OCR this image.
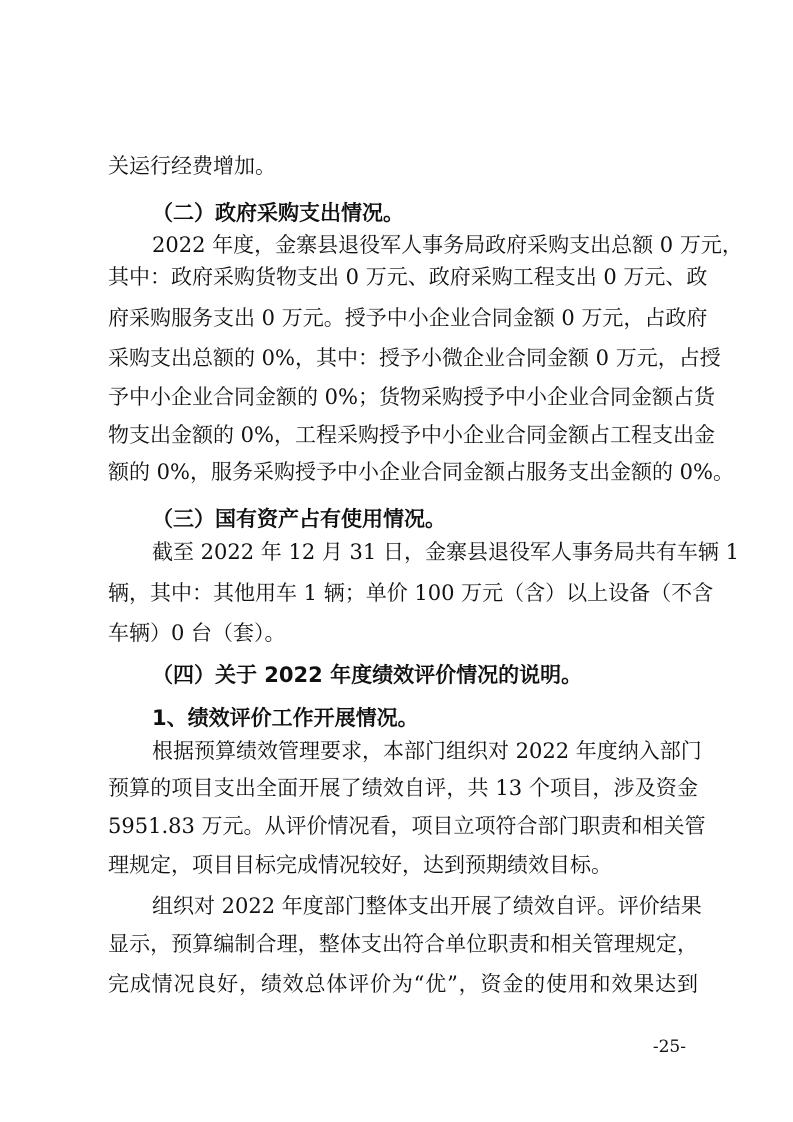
关运行经费增加。
（二）政府采购支出情况。
2022 年度，金寨县退役军人事务局政府采购支出总额 0 万元，
其中：政府采购货物支出 0 万元、政府采购工程支出 0 万元、政
府采购服务支出 0 万元。授予中小企业合同金额 0 万元，占政府
采购支出总额的 0%，其中：授予小微企业合同金额 0 万元，占授
予中小企业合同金额的 0%；货物采购授予中小企业合同金额占货
物支出金额的 0%，工程采购授予中小企业合同金额占工程支出金
额的 0%，服务采购授予中小企业合同金额占服务支出金额的 0%。
（三）国有资产占有使用情况。
截至 2022 年 12 月 31 日，金寨县退役军人事务局共有车辆 1
辆，其中：其他用车 1 辆；单价 100 万元（含）以上设备（不含
车辆）0 台（套）。
（四）关于 2022 年度绩效评价情况的说明。
1、绩效评价工作开展情况。
根据预算绩效管理要求，本部门组织对 2022 年度纳入部门
预算的项目支出全面开展了绩效自评，共 13 个项目，涉及资金
5951.83 万元。从评价情况看，项目立项符合部门职责和相关管
理规定，项目目标完成情况较好，达到预期绩效目标。
组织对 2022 年度部门整体支出开展了绩效自评。评价结果
显示，预算编制合理，整体支出符合单位职责和相关管理规定，
完成情况良好，绩效总体评价为“优”，资金的使用和效果达到
-25-
